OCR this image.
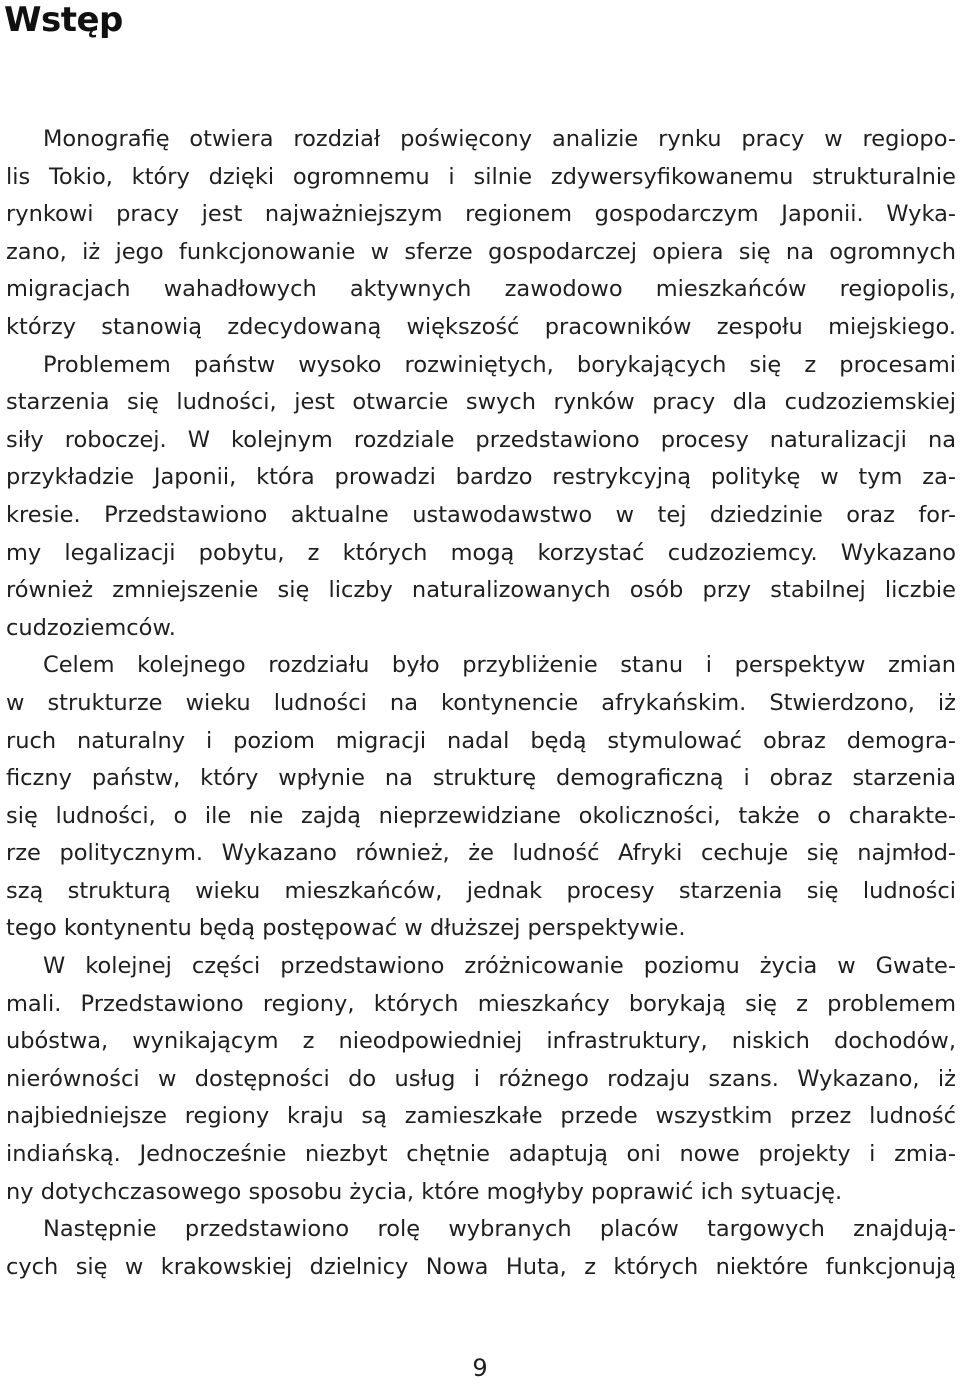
Wstęp
Monografię otwiera rozdział poświęcony analizie rynku pracy w regiopo-
lis Tokio, który dzięki ogromnemu i silnie zdywersyfikowanemu strukturalnie
rynkowi pracy jest najważniejszym regionem gospodarczym Japonii. Wyka-
zano, iż jego funkcjonowanie w sferze gospodarczej opiera się na ogromnych
migracjach wahadłowych aktywnych zawodowo mieszkańców regiopolis,
którzy stanowią zdecydowaną większość pracowników zespołu miejskiego.
Problemem państw wysoko rozwiniętych, borykających się z procesami
starzenia się ludności, jest otwarcie swych rynków pracy dla cudzoziemskiej
siły roboczej. W kolejnym rozdziale przedstawiono procesy naturalizacji na
przykładzie Japonii, która prowadzi bardzo restrykcyjną politykę w tym za-
kresie. Przedstawiono aktualne ustawodawstwo w tej dziedzinie oraz for-
my legalizacji pobytu, z których mogą korzystać cudzoziemcy. Wykazano
również zmniejszenie się liczby naturalizowanych osób przy stabilnej liczbie
cudzoziemców.
Celem kolejnego rozdziału było przybliżenie stanu i perspektyw zmian
w strukturze wieku ludności na kontynencie afrykańskim. Stwierdzono, iż
ruch naturalny i poziom migracji nadal będą stymulować obraz demogra-
ficzny państw, który wpłynie na strukturę demograficzną i obraz starzenia
się ludności, o ile nie zajdą nieprzewidziane okoliczności, także o charakte-
rze politycznym. Wykazano również, że ludność Afryki cechuje się najmłod-
szą strukturą wieku mieszkańców, jednak procesy starzenia się ludności
tego kontynentu będą postępować w dłuższej perspektywie.
W kolejnej części przedstawiono zróżnicowanie poziomu życia w Gwate-
mali. Przedstawiono regiony, których mieszkańcy borykają się z problemem
ubóstwa, wynikającym z nieodpowiedniej infrastruktury, niskich dochodów,
nierówności w dostępności do usług i różnego rodzaju szans. Wykazano, iż
najbiedniejsze regiony kraju są zamieszkałe przede wszystkim przez ludność
indiańską. Jednocześnie niezbyt chętnie adaptują oni nowe projekty i zmia-
ny dotychczasowego sposobu życia, które mogłyby poprawić ich sytuację.
Następnie przedstawiono rolę wybranych placów targowych znajdują-
cych się w krakowskiej dzielnicy Nowa Huta, z których niektóre funkcjonują
9
